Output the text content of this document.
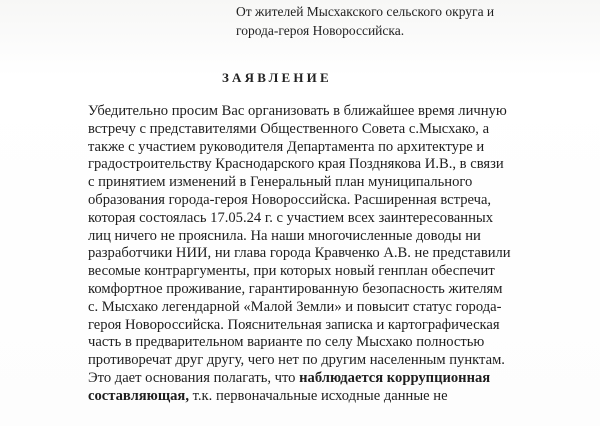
От жителей Мысхакского сельского округа и
города-героя Новороссийска.
ЗАЯВЛЕНИЕ
Убедительно просим Вас организовать в ближайшее время личную
встречу с представителями Общественного Совета с.Мысхако, а
также с участием руководителя Департамента по архитектуре и
градостроительству Краснодарского края Позднякова И.В., в связи
с принятием изменений в Генеральный план муниципального
образования города-героя Новороссийска. Расширенная встреча,
которая состоялась 17.05.24 г. с участием всех заинтересованных
лиц ничего не прояснила. На наши многочисленные доводы ни
разработчики НИИ, ни глава города Кравченко А.В. не представили
весомые контраргументы, при которых новый генплан обеспечит
комфортное проживание, гарантированную безопасность жителям
с. Мысхако легендарной «Малой Земли» и повысит статус города-
героя Новороссийска. Пояснительная записка и картографическая
часть в предварительном варианте по селу Мысхако полностью
противоречат друг другу, чего нет по другим населенным пунктам.
Это дает основания полагать, что наблюдается коррупционная
составляющая, т.к. первоначальные исходные данные не
